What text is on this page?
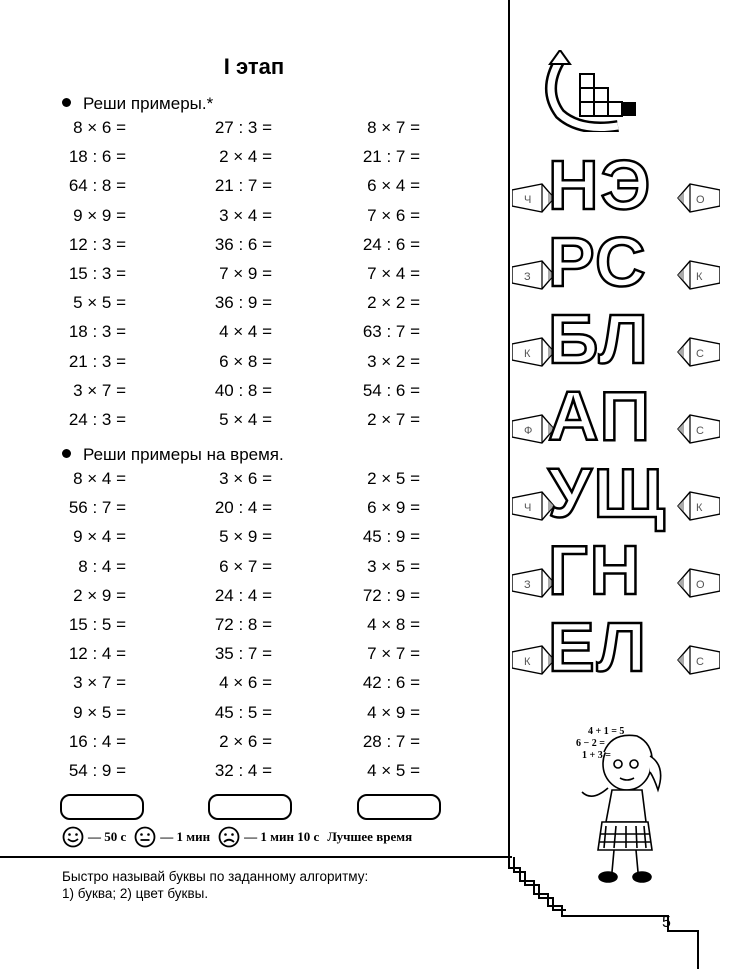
I этап
Реши примеры.*
8 × 6 =	27 : 3 =	8 × 7 =
18 : 6 =	2 × 4 =	21 : 7 =
64 : 8 =	21 : 7 =	6 × 4 =
9 × 9 =	3 × 4 =	7 × 6 =
12 : 3 =	36 : 6 =	24 : 6 =
15 : 3 =	7 × 9 =	7 × 4 =
5 × 5 =	36 : 9 =	2 × 2 =
18 : 3 =	4 × 4 =	63 : 7 =
21 : 3 =	6 × 8 =	3 × 2 =
3 × 7 =	40 : 8 =	54 : 6 =
24 : 3 =	5 × 4 =	2 × 7 =
Реши примеры на время.
8 × 4 =	3 × 6 =	2 × 5 =
56 : 7 =	20 : 4 =	6 × 9 =
9 × 4 =	5 × 9 =	45 : 9 =
8 : 4 =	6 × 7 =	3 × 5 =
2 × 9 =	24 : 4 =	72 : 9 =
15 : 5 =	72 : 8 =	4 × 8 =
12 : 4 =	35 : 7 =	7 × 7 =
3 × 7 =	4 × 6 =	42 : 6 =
9 × 5 =	45 : 5 =	4 × 9 =
16 : 4 =	2 × 6 =	28 : 7 =
54 : 9 =	32 : 4 =	4 × 5 =
— 50 с	— 1 мин	— 1 мин 10 с Лучшее время
Быстро называй буквы по заданному алгоритму:
1) буква; 2) цвет буквы.
5
Ч НЭ	О
З РС	К
К БЛ	С
Ф АП	С
Ч УЩ	К
З ГН	О
К ЕЛ	С
4 + 1 = 5
6 − 2 =
1 + 3 =
